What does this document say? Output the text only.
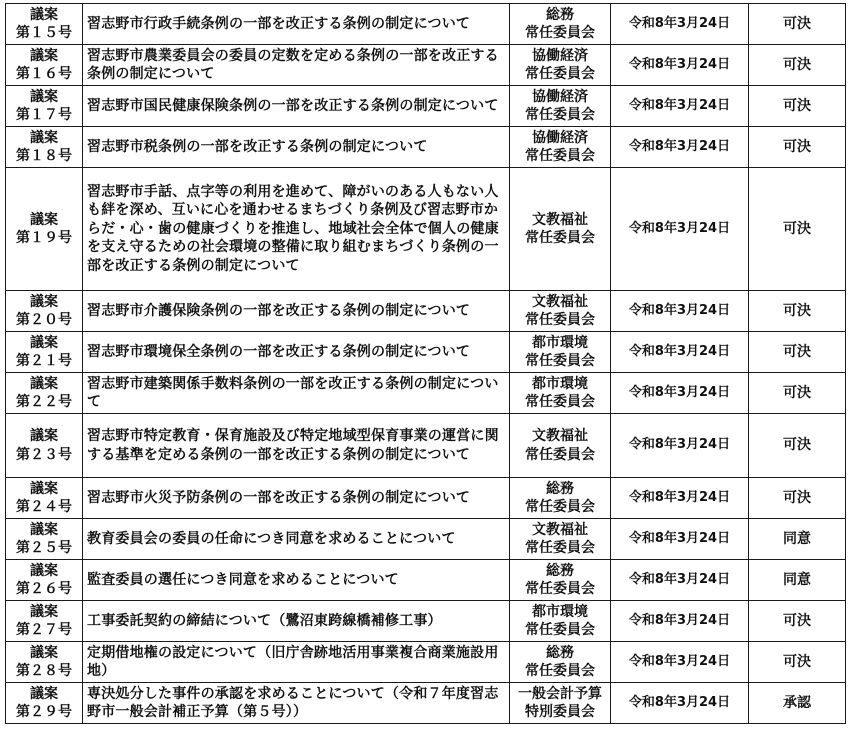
議案
第１５号	習志野市行政手続条例の一部を改正する条例の制定について	総務
常任委員会	令和8年3月24日	可決

議案
第１６号	習志野市農業委員会の委員の定数を定める条例の一部を改正する条例の制定について	協働経済
常任委員会	令和8年3月24日	可決

議案
第１７号	習志野市国民健康保険条例の一部を改正する条例の制定について	協働経済
常任委員会	令和8年3月24日	可決

議案
第１８号	習志野市税条例の一部を改正する条例の制定について	協働経済
常任委員会	令和8年3月24日	可決

議案
第１９号	習志野市手話、点字等の利用を進めて、障がいのある人もない人も絆を深め、互いに心を通わせるまちづくり条例及び習志野市からだ・心・歯の健康づくりを推進し、地域社会全体で個人の健康を支え守るための社会環境の整備に取り組むまちづくり条例の一部を改正する条例の制定について	文教福祉
常任委員会	令和8年3月24日	可決

議案
第２０号	習志野市介護保険条例の一部を改正する条例の制定について	文教福祉
常任委員会	令和8年3月24日	可決

議案
第２１号	習志野市環境保全条例の一部を改正する条例の制定について	都市環境
常任委員会	令和8年3月24日	可決

議案
第２２号	習志野市建築関係手数料条例の一部を改正する条例の制定について	都市環境
常任委員会	令和8年3月24日	可決

議案
第２３号	習志野市特定教育・保育施設及び特定地域型保育事業の運営に関する基準を定める条例の一部を改正する条例の制定について	文教福祉
常任委員会	令和8年3月24日	可決

議案
第２４号	習志野市火災予防条例の一部を改正する条例の制定について	総務
常任委員会	令和8年3月24日	可決

議案
第２５号	教育委員会の委員の任命につき同意を求めることについて	文教福祉
常任委員会	令和8年3月24日	同意

議案
第２６号	監査委員の選任につき同意を求めることについて	総務
常任委員会	令和8年3月24日	同意

議案
第２７号	工事委託契約の締結について（鷺沼東跨線橋補修工事）	都市環境
常任委員会	令和8年3月24日	可決

議案
第２８号	定期借地権の設定について（旧庁舎跡地活用事業複合商業施設用地）	総務
常任委員会	令和8年3月24日	可決

議案
第２９号	専決処分した事件の承認を求めることについて（令和７年度習志野市一般会計補正予算（第５号））	一般会計予算
特別委員会	令和8年3月24日	承認
